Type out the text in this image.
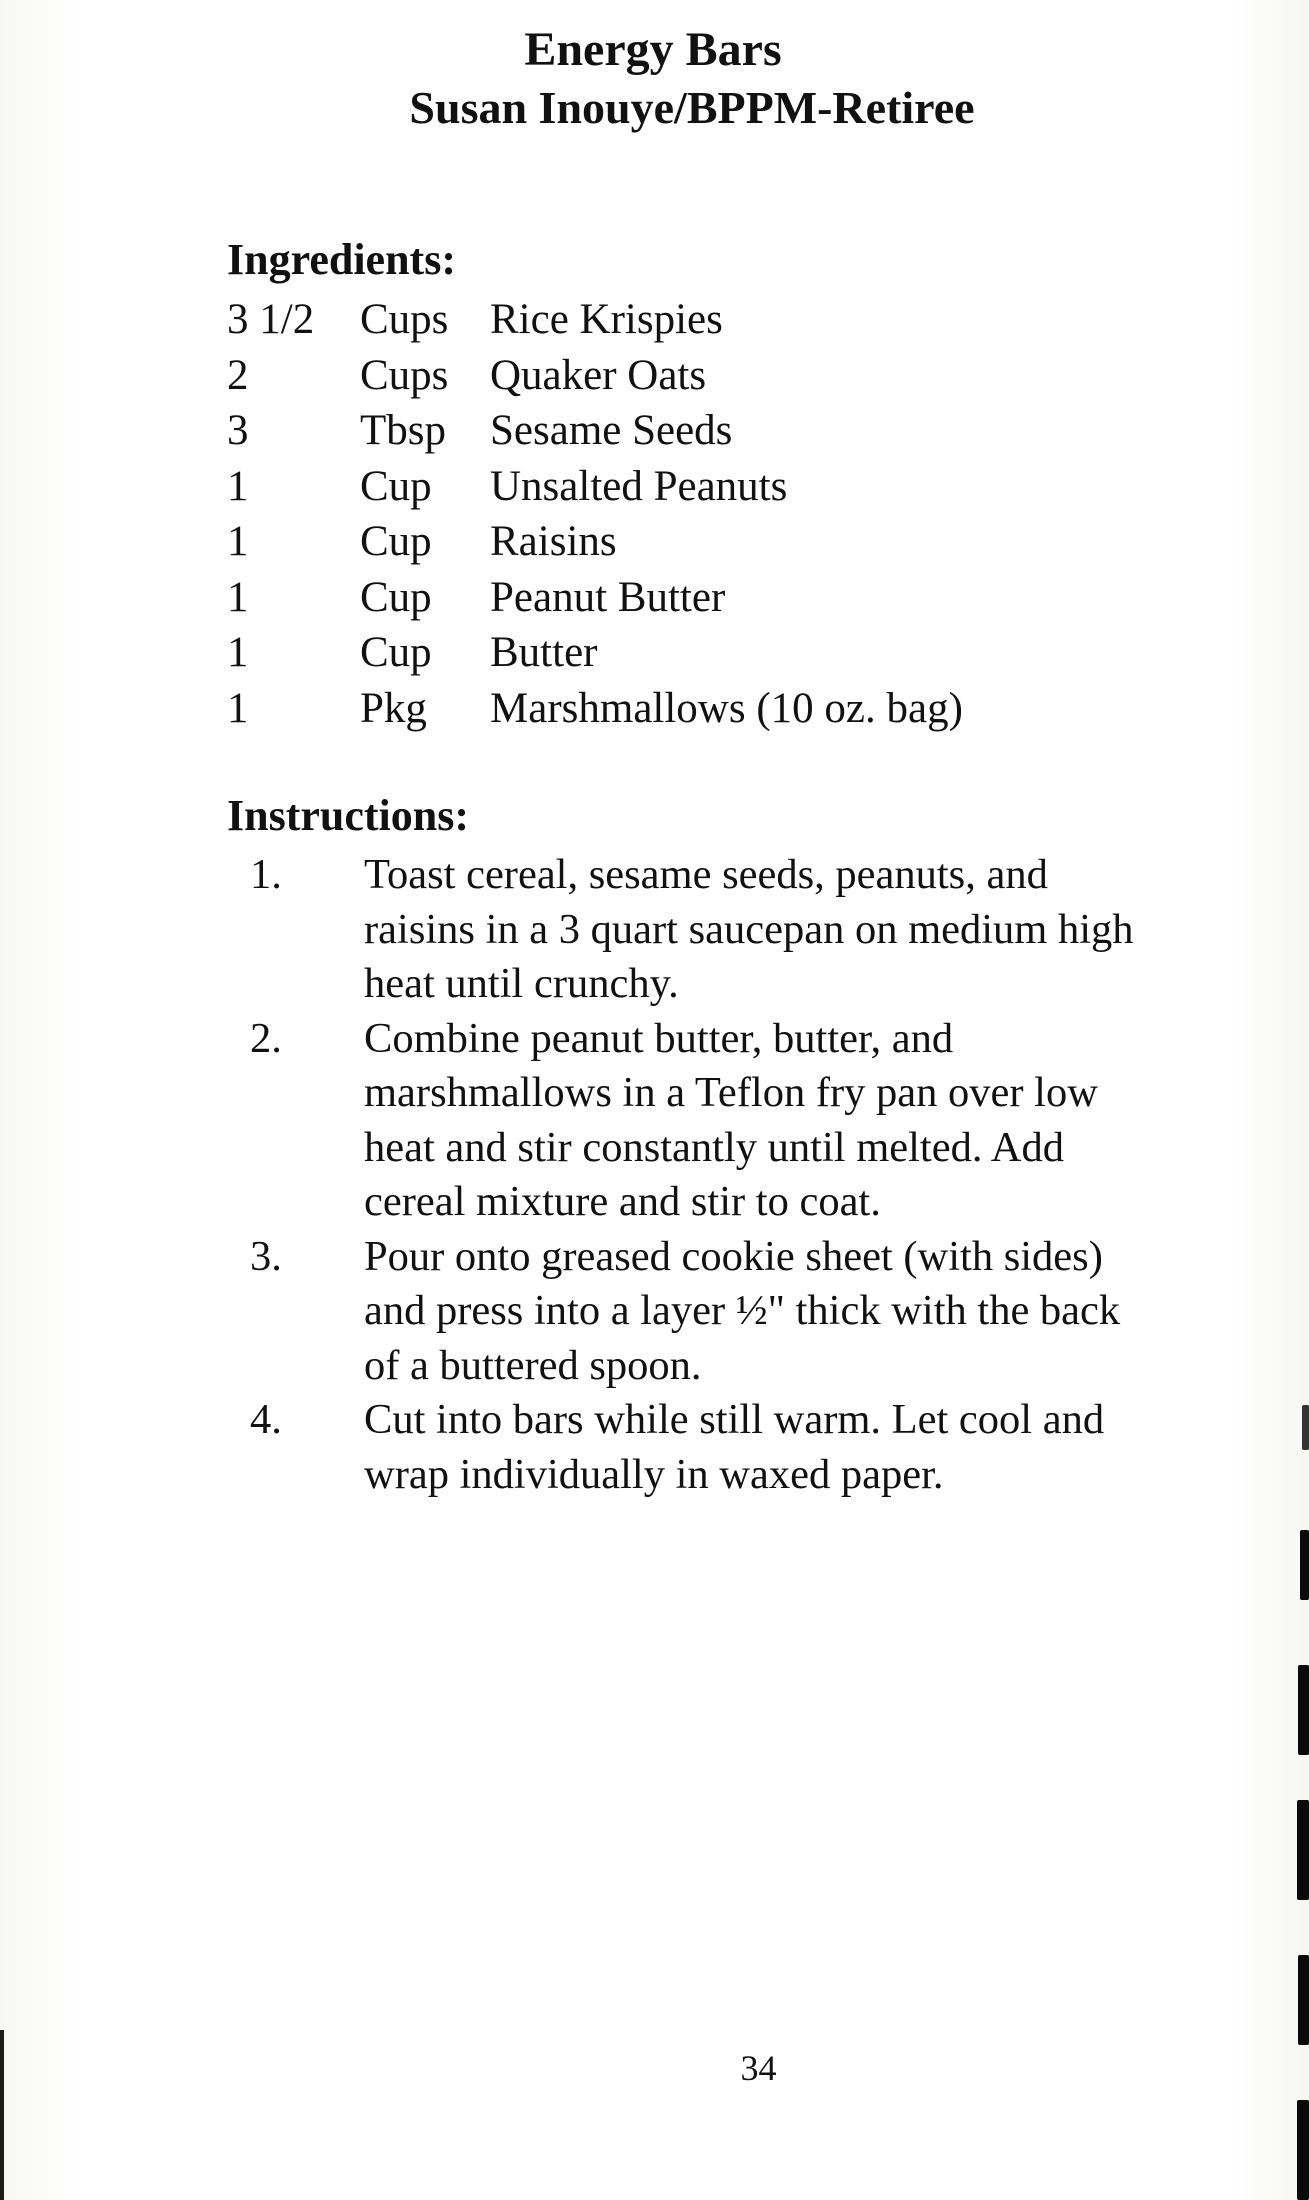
Energy Bars
Susan Inouye/BPPM-Retiree
Ingredients:
3 1/2 Cups Rice Krispies
2	Cups Quaker Oats
3	Tbsp Sesame Seeds
1	Cup Unsalted Peanuts
1	Cup Raisins
1	Cup Peanut Butter
1	Cup Butter
1	Pkg Marshmallows (10 oz. bag)
Instructions:
1. Toast cereal, sesame seeds, peanuts, and raisins in a 3 quart saucepan on medium high heat until crunchy.
2. Combine peanut butter, butter, and marshmallows in a Teflon fry pan over low heat and stir constantly until melted. Add cereal mixture and stir to coat.
3. Pour onto greased cookie sheet (with sides) and press into a layer ½" thick with the back of a buttered spoon.
4. Cut into bars while still warm. Let cool and wrap individually in waxed paper.
34
